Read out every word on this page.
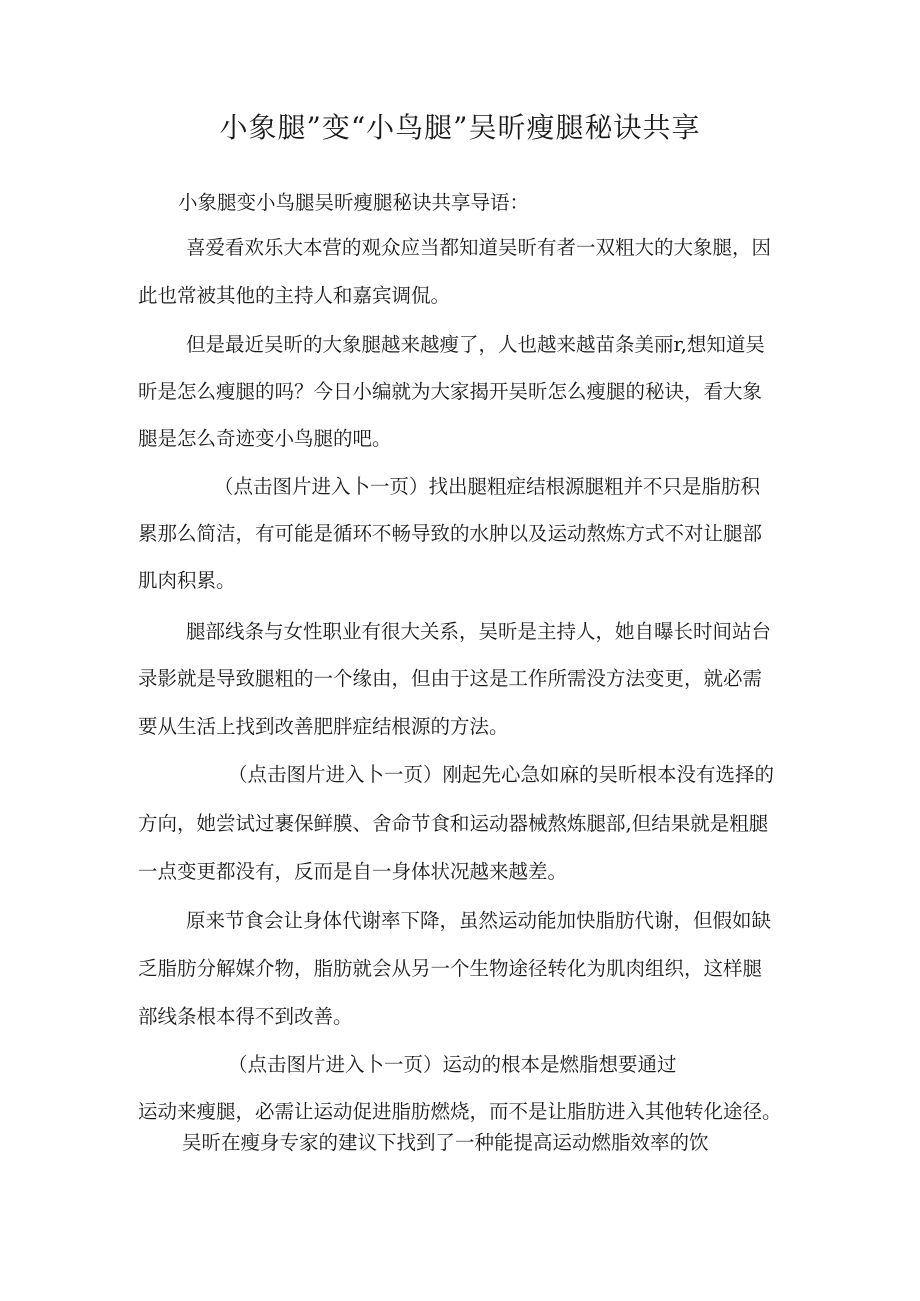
小象腿”变“小鸟腿”吴昕瘦腿秘诀共享
小象腿变小鸟腿吴昕瘦腿秘诀共享导语：
喜爱看欢乐大本营的观众应当都知道吴昕有者一双粗大的大象腿，因
此也常被其他的主持人和嘉宾调侃。
但是最近吴昕的大象腿越来越瘦了，人也越来越苗条美丽r,想知道吴
昕是怎么瘦腿的吗？今日小编就为大家揭开吴昕怎么瘦腿的秘诀，看大象
腿是怎么奇迹变小鸟腿的吧。
（点击图片进入卜一页）找出腿粗症结根源腿粗并不只是脂肪积
累那么简洁，有可能是循环不畅导致的水肿以及运动熬炼方式不对让腿部
肌肉积累。
腿部线条与女性职业有很大关系，吴昕是主持人，她自曝长时间站台
录影就是导致腿粗的一个缘由，但由于这是工作所需没方法变更，就必需
要从生活上找到改善肥胖症结根源的方法。
（点击图片进入卜一页）刚起先心急如麻的吴昕根本没有选择的
方向，她尝试过裹保鲜膜、舍命节食和运动器械熬炼腿部,但结果就是粗腿
一点变更都没有，反而是自一身体状况越来越差。
原来节食会让身体代谢率下降，虽然运动能加快脂肪代谢，但假如缺
乏脂肪分解媒介物，脂肪就会从另一个生物途径转化为肌肉组织，这样腿
部线条根本得不到改善。
（点击图片进入卜一页）运动的根本是燃脂想要通过
运动来瘦腿，必需让运动促进脂肪燃烧，而不是让脂肪进入其他转化途径。
吴昕在瘦身专家的建议下找到了一种能提高运动燃脂效率的饮
